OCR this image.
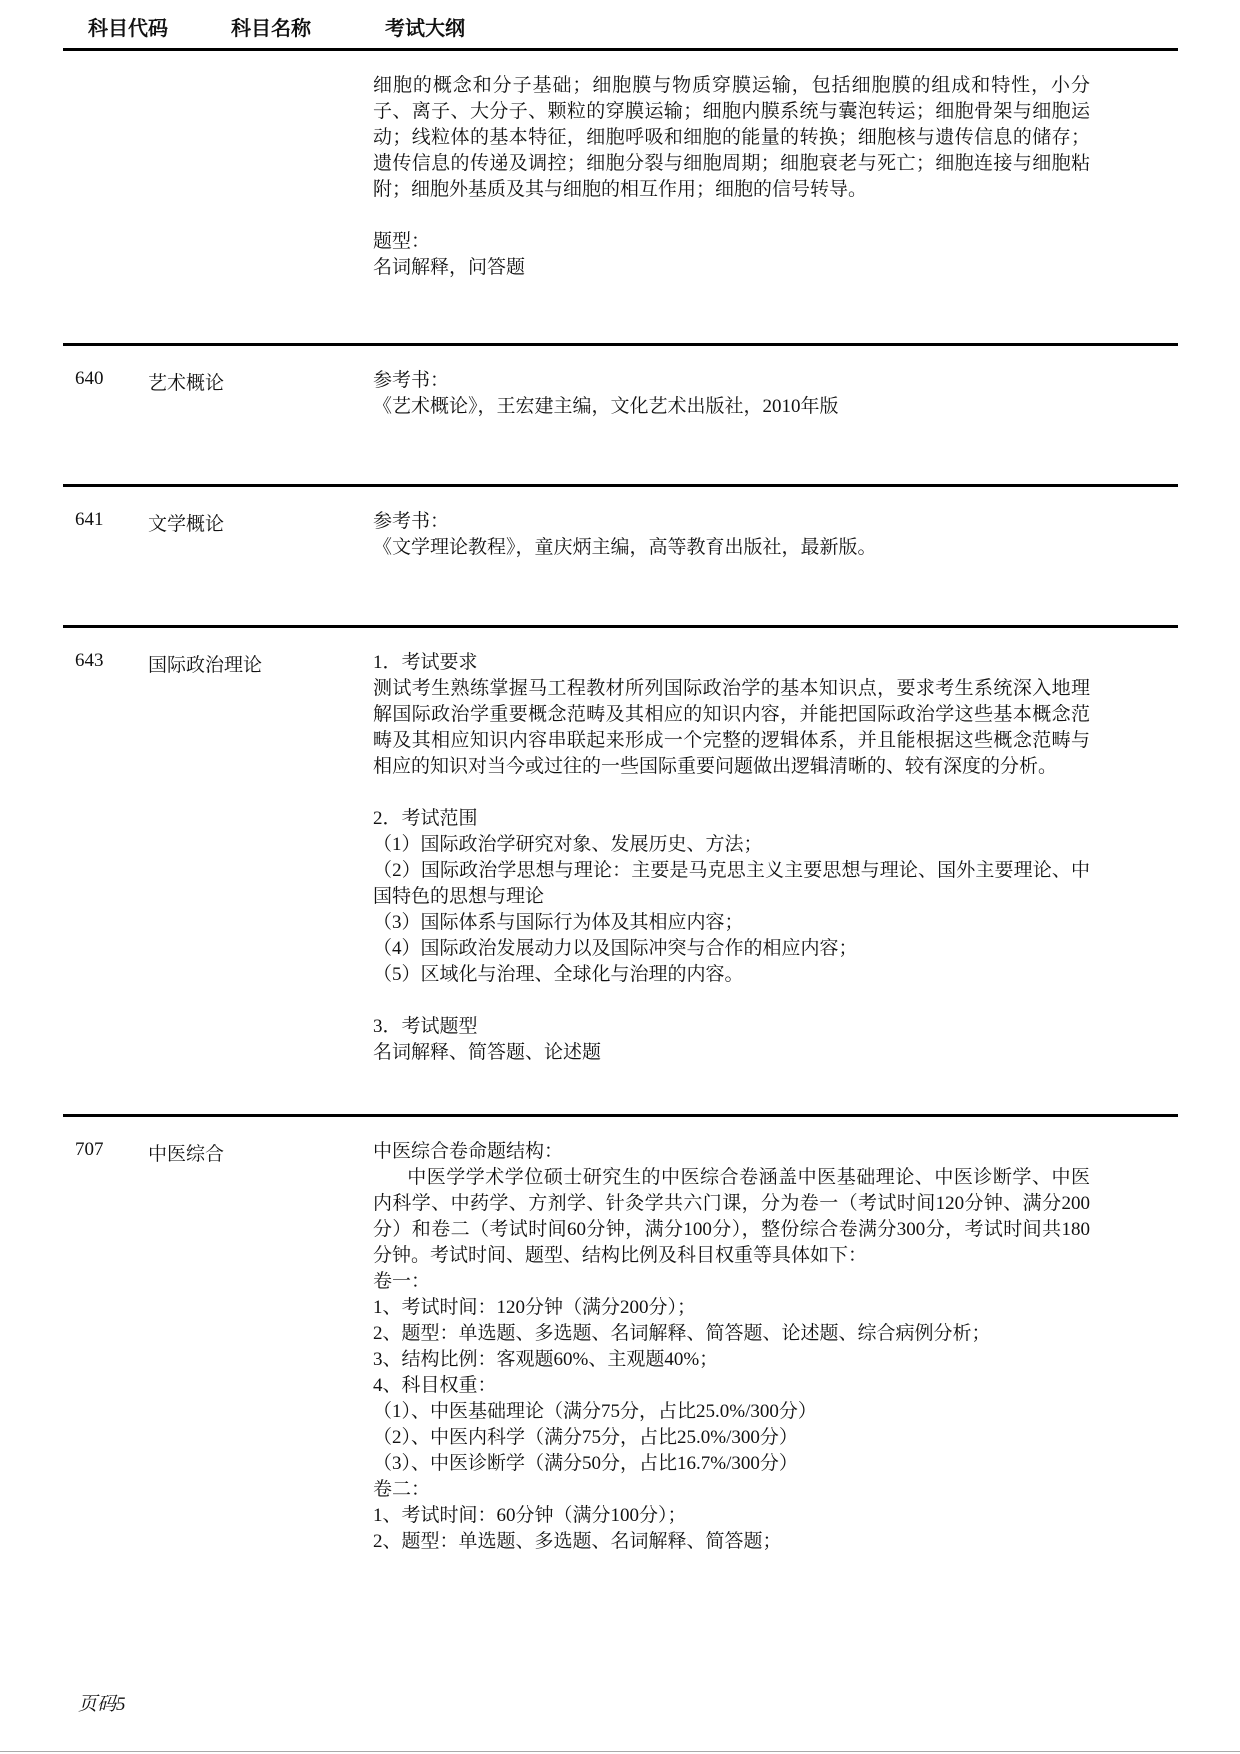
科目代码	科目名称	考试大纲

细胞的概念和分子基础；细胞膜与物质穿膜运输，包括细胞膜的组成和特性，小分子、离子、大分子、颗粒的穿膜运输；细胞内膜系统与囊泡转运；细胞骨架与细胞运动；线粒体的基本特征，细胞呼吸和细胞的能量的转换；细胞核与遗传信息的储存；遗传信息的传递及调控；细胞分裂与细胞周期；细胞衰老与死亡；细胞连接与细胞粘附；细胞外基质及其与细胞的相互作用；细胞的信号转导。

题型：

名词解释，问答题

640	艺术概论	参考书：

《艺术概论》，王宏建主编，文化艺术出版社，2010年版

641	文学概论	参考书：

《文学理论教程》，童庆炳主编，高等教育出版社，最新版。

643	国际政治理论	1．考试要求

测试考生熟练掌握马工程教材所列国际政治学的基本知识点，要求考生系统深入地理解国际政治学重要概念范畴及其相应的知识内容，并能把国际政治学这些基本概念范畴及其相应知识内容串联起来形成一个完整的逻辑体系，并且能根据这些概念范畴与相应的知识对当今或过往的一些国际重要问题做出逻辑清晰的、较有深度的分析。

2．考试范围

（1）国际政治学研究对象、发展历史、方法；

（2）国际政治学思想与理论：主要是马克思主义主要思想与理论、国外主要理论、中国特色的思想与理论

（3）国际体系与国际行为体及其相应内容；

（4）国际政治发展动力以及国际冲突与合作的相应内容；

（5）区域化与治理、全球化与治理的内容。

3．考试题型

名词解释、简答题、论述题

707	中医综合	中医综合卷命题结构：

中医学学术学位硕士研究生的中医综合卷涵盖中医基础理论、中医诊断学、中医内科学、中药学、方剂学、针灸学共六门课，分为卷一（考试时间120分钟、满分200分）和卷二（考试时间60分钟，满分100分），整份综合卷满分300分，考试时间共180分钟。考试时间、题型、结构比例及科目权重等具体如下：

卷一：

1、考试时间：120分钟（满分200分）；

2、题型：单选题、多选题、名词解释、简答题、论述题、综合病例分析；

3、结构比例：客观题60%、主观题40%；

4、科目权重：

（1）、中医基础理论（满分75分，占比25.0%/300分）

（2）、中医内科学（满分75分，占比25.0%/300分）

（3）、中医诊断学（满分50分，占比16.7%/300分）

卷二：

1、考试时间：60分钟（满分100分）；

2、题型：单选题、多选题、名词解释、简答题；

页码5
